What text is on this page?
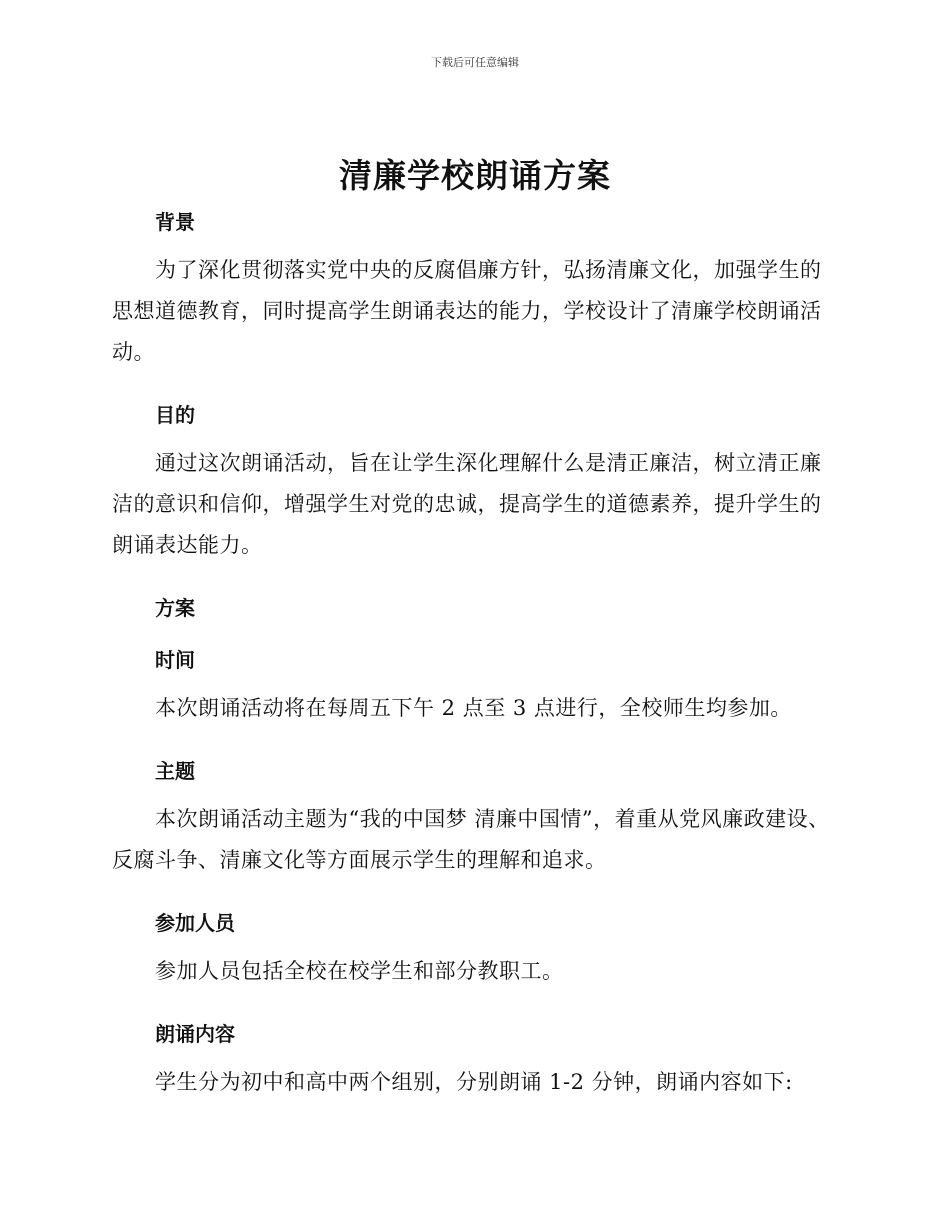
下载后可任意编辑
清廉学校朗诵方案
背景

为了深化贯彻落实党中央的反腐倡廉方针，弘扬清廉文化，加强学生的思想道德教育，同时提高学生朗诵表达的能力，学校设计了清廉学校朗诵活动。

目的

通过这次朗诵活动，旨在让学生深化理解什么是清正廉洁，树立清正廉洁的意识和信仰，增强学生对党的忠诚，提高学生的道德素养，提升学生的朗诵表达能力。

方案
时间

本次朗诵活动将在每周五下午 2 点至 3 点进行，全校师生均参加。

主题

本次朗诵活动主题为“我的中国梦 清廉中国情”，着重从党风廉政建设、反腐斗争、清廉文化等方面展示学生的理解和追求。

参加人员

参加人员包括全校在校学生和部分教职工。

朗诵内容

学生分为初中和高中两个组别，分别朗诵 1-2 分钟，朗诵内容如下:
